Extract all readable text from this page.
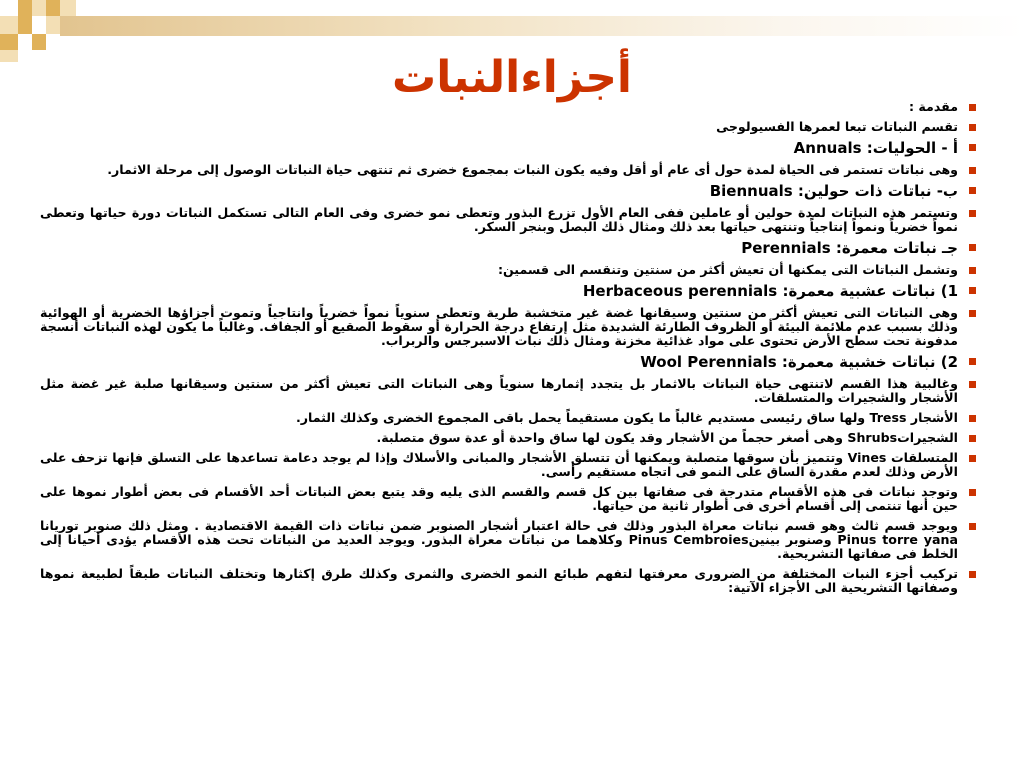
أجزاءالنبات
مقدمة :
تقسم النباتات تبعا لعمرها الفسيولوجى
أ - الحوليات: Annuals
وهى نباتات تستمر فى الحياة لمدة حول أى عام أو أقل وفيه يكون النبات بمجموع خضرى ثم تنتهى حياة النباتات الوصول إلى مرحلة الاثمار.
ب- نباتات ذات حولين: Biennuals
وتستمر هذه النباتات لمدة حولين أو عاملين ففى العام الأول تزرع البذور وتعطى نمو خضرى وفى العام التالى تستكمل النباتات دورة حياتها وتعطى نمواً خضرياً ونمواً إنتاجياً وتنتهى حياتها بعد ذلك ومثال ذلك البصل وبنجر السكر.
جـ نباتات معمرة: Perennials
وتشمل النباتات التى يمكنها أن تعيش أكثر من سنتين وتنقسم الى قسمين:
1) نباتات عشبية معمرة: Herbaceous perennials
وهى النباتات التى تعيش أكثر من سنتين وسيقانها غضة غير متخشبة طرية وتعطى سنوياً نمواً خضرياً وانتاجياً وتموت أجزاؤها الخضرية أو الهوائية وذلك بسبب عدم ملائمة البيئة أو الظروف الطارئة الشديدة مثل إرتفاع درجة الحرارة أو سقوط الصقيع أو الجفاف. وغالباً ما يكون لهذه النباتات أنسجة مدفونة تحت سطح الأرض تحتوى على مواد غذائية مخزنة ومثال ذلك نبات الاسبرجس والربراب.
2) نباتات خشبية معمرة: Wool Perennials
وغالبية هذا القسم لاتنتهى حياة النباتات بالاثمار بل يتجدد إثمارها سنوياً وهى النباتات التى تعيش أكثر من سنتين وسيقانها صلبة غير غضة مثل الأشجار والشجيرات والمتسلقات.
الأشجار Tress ولها ساق رئيسى مستديم غالباً ما يكون مستقيماً يحمل باقى المجموع الخضرى وكذلك الثمار.
الشجيراتShrubs وهى أصغر حجماً من الأشجار وقد يكون لها ساق واحدة أو عدة سوق متصلبة.
المتسلقات Vines وتتميز بأن سوقها متصلبة ويمكنها أن تتسلق الأشجار والمبانى والأسلاك وإذا لم يوجد دعامة تساعدها على التسلق فإنها تزحف على الأرض وذلك لعدم مقدرة الساق على النمو فى اتجاه مستقيم رأسى.
وتوجد نباتات فى هذه الأقسام متدرجة فى صفاتها بين كل قسم والقسم الذى يليه وقد يتبع بعض النباتات أحد الأقسام فى بعض أطوار نموها على حين أنها تنتمى إلى أقسام أخرى فى أطوار ثانية من حياتها.
ويوجد قسم ثالث وهو قسم نباتات معراة البذور وذلك فى حالة اعتبار أشجار الصنوبر ضمن نباتات ذات القيمة الاقتصادية . ومثل ذلك صنوبر توريانا Pinus torre yana وصنوبر بينينPinus Cembroies وكلاهما من نباتات معراة البذور. ويوجد العديد من النباتات تحت هذه الأقسام يؤدى أحيانا إلى الخلط فى صفاتها التشريحية.
تركيب أجزء النبات المختلفة من الضرورى معرفتها لتفهم طبائع النمو الخضرى والثمرى وكذلك طرق إكثارها وتختلف النباتات طبقاً لطبيعة نموها وصفاتها التشريحية الى الأجزاء الآتية:
